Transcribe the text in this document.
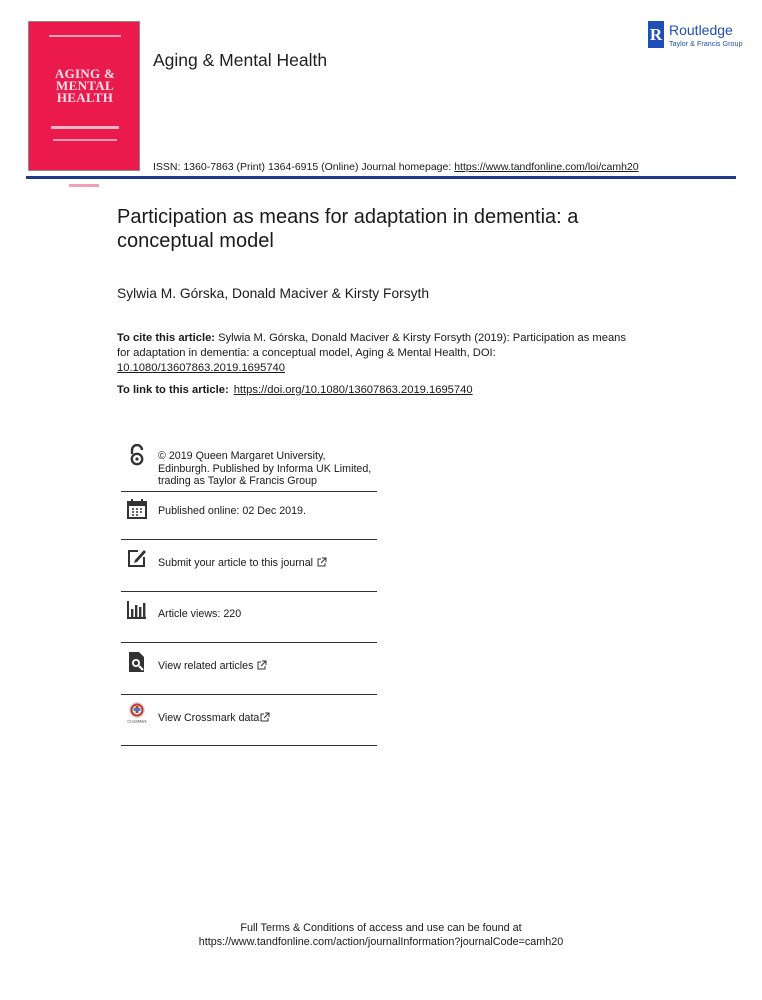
AGING &
MENTAL
HEALTH
Aging & Mental Health
R Routledge
Taylor & Francis Group
ISSN: 1360-7863 (Print) 1364-6915 (Online) Journal homepage: https://www.tandfonline.com/loi/camh20
Participation as means for adaptation in dementia: a conceptual model
Sylwia M. Górska, Donald Maciver & Kirsty Forsyth
To cite this article: Sylwia M. Górska, Donald Maciver & Kirsty Forsyth (2019): Participation as means for adaptation in dementia: a conceptual model, Aging & Mental Health, DOI: 10.1080/13607863.2019.1695740
To link to this article: https://doi.org/10.1080/13607863.2019.1695740
© 2019 Queen Margaret University, Edinburgh. Published by Informa UK Limited, trading as Taylor & Francis Group
Published online: 02 Dec 2019.
Submit your article to this journal
Article views: 220
View related articles
CrossMark View Crossmark data
Full Terms & Conditions of access and use can be found at
https://www.tandfonline.com/action/journalInformation?journalCode=camh20
